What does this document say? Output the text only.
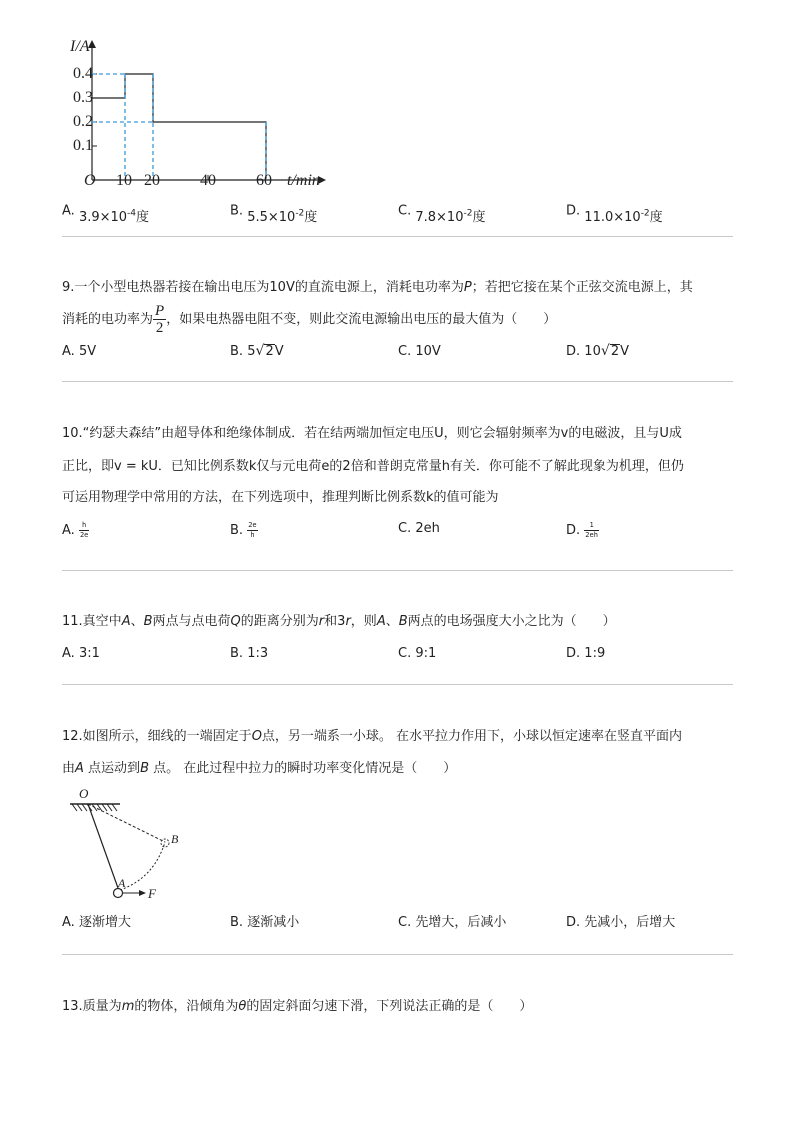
I/A
0.4
0.3
0.2
0.1
O 10 20	40	60 t/min
A. $3.9\times 10^{-4}$度	B. $5.5\times 10^{-2}$度	C. $7.8\times 10^{-2}$度	D. $11.0\times 10^{-2}$度
9.一个小型电热器若接在输出电压为10V的直流电源上，消耗电功率为P；若把它接在某个正弦交流电源上，其
消耗的电功率为 $\frac{P}{2}$ ，如果电热器电阻不变，则此交流电源输出电压的最大值为（　　）
A. 5V	B. 5 √ 2V	C. 10V	D. 10 √ 2V
10.“约瑟夫森结”由超导体和绝缘体制成．若在结两端加恒定电压U，则它会辐射频率为v的电磁波，且与U成
正比，即v = kU．已知比例系数k仅与元电荷e的2倍和普朗克常量h有关．你可能不了解此现象为机理，但仍
可运用物理学中常用的方法，在下列选项中，推理判断比例系数k的值可能为
A. $\frac{h}{2e}$	B. $\frac{2e}{h}$	C. 2eh	D. $\frac{1}{2eh}$
11.真空中A、B两点与点电荷Q的距离分别为r和3r，则A、B两点的电场强度大小之比为（　　）
A. 3:1	B. 1:3	C. 9:1	D. 1:9
12.如图所示，细线的一端固定于O点，另一端系一小球。 在水平拉力作用下，小球以恒定速率在竖直平面内
由A 点运动到B 点。 在此过程中拉力的瞬时功率变化情况是（　　）
O
B
A
F
A. 逐渐增大	B. 逐渐减小	C. 先增大，后减小	D. 先减小，后增大
13.质量为m的物体，沿倾角为θ的固定斜面匀速下滑，下列说法正确的是（　　）
